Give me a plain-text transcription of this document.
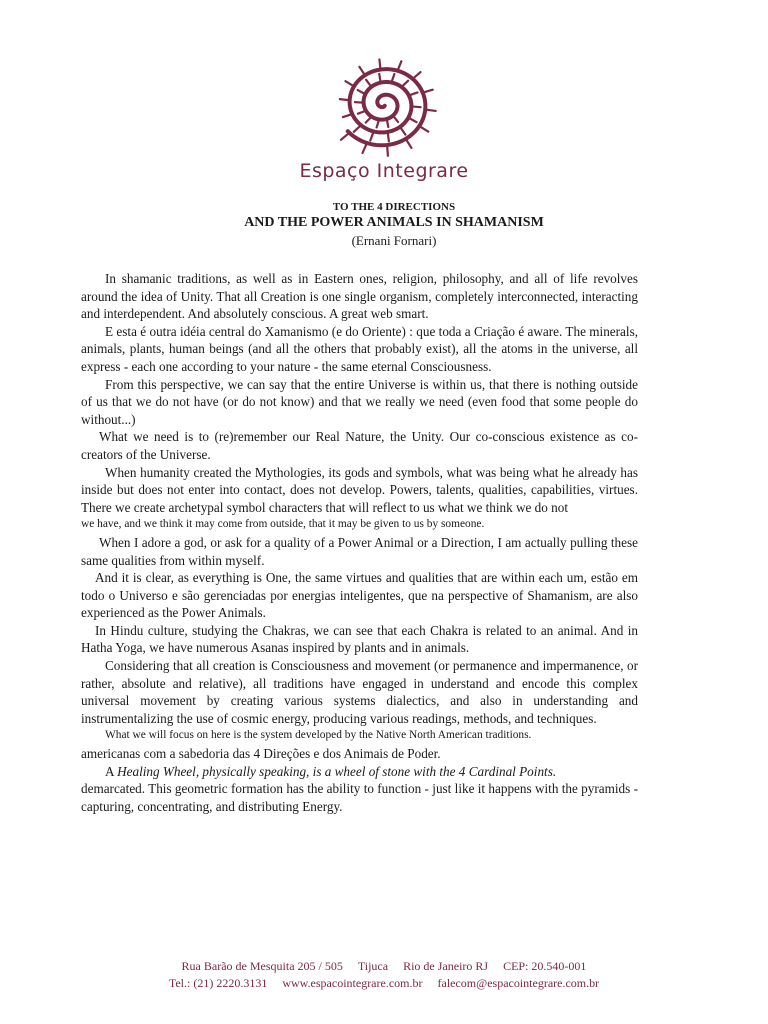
Espaço Integrare
TO THE 4 DIRECTIONS
AND THE POWER ANIMALS IN SHAMANISM
(Ernani Fornari)

In shamanic traditions, as well as in Eastern ones, religion, philosophy, and all of life revolves around the idea of Unity. That all Creation is one single organism, completely interconnected, interacting and interdependent. And absolutely conscious. A great web smart.

E esta é outra idéia central do Xamanismo (e do Oriente) : que toda a Criação é aware. The minerals, animals, plants, human beings (and all the others that probably exist), all the atoms in the universe, all express - each one according to your nature - the same eternal Consciousness.

From this perspective, we can say that the entire Universe is within us, that there is nothing outside of us that we do not have (or do not know) and that we really we need (even food that some people do without...)

What we need is to (re)remember our Real Nature, the Unity. Our co-conscious existence as co-creators of the Universe.

When humanity created the Mythologies, its gods and symbols, what was being what he already has inside but does not enter into contact, does not develop. Powers, talents, qualities, capabilities, virtues. There we create archetypal symbol characters that will reflect to us what we think we do not

we have, and we think it may come from outside, that it may be given to us by someone.

When I adore a god, or ask for a quality of a Power Animal or a Direction, I am actually pulling these same qualities from within myself.

And it is clear, as everything is One, the same virtues and qualities that are within each um, estão em todo o Universo e são gerenciadas por energias inteligentes, que na perspective of Shamanism, are also experienced as the Power Animals.

In Hindu culture, studying the Chakras, we can see that each Chakra is related to an animal. And in Hatha Yoga, we have numerous Asanas inspired by plants and in animals.

Considering that all creation is Consciousness and movement (or permanence and impermanence, or rather, absolute and relative), all traditions have engaged in understand and encode this complex universal movement by creating various systems dialectics, and also in understanding and instrumentalizing the use of cosmic energy, producing various readings, methods, and techniques.

What we will focus on here is the system developed by the Native North American traditions.

americanas com a sabedoria das 4 Direções e dos Animais de Poder.

A Healing Wheel, physically speaking, is a wheel of stone with the 4 Cardinal Points.

demarcated. This geometric formation has the ability to function - just like it happens with the pyramids - capturing, concentrating, and distributing Energy.

Rua Barão de Mesquita 205 / 505 Tijuca Rio de Janeiro RJ CEP: 20.540-001
Tel.: (21) 2220.3131 www.espacointegrare.com.br falecom@espacointegrare.com.br
